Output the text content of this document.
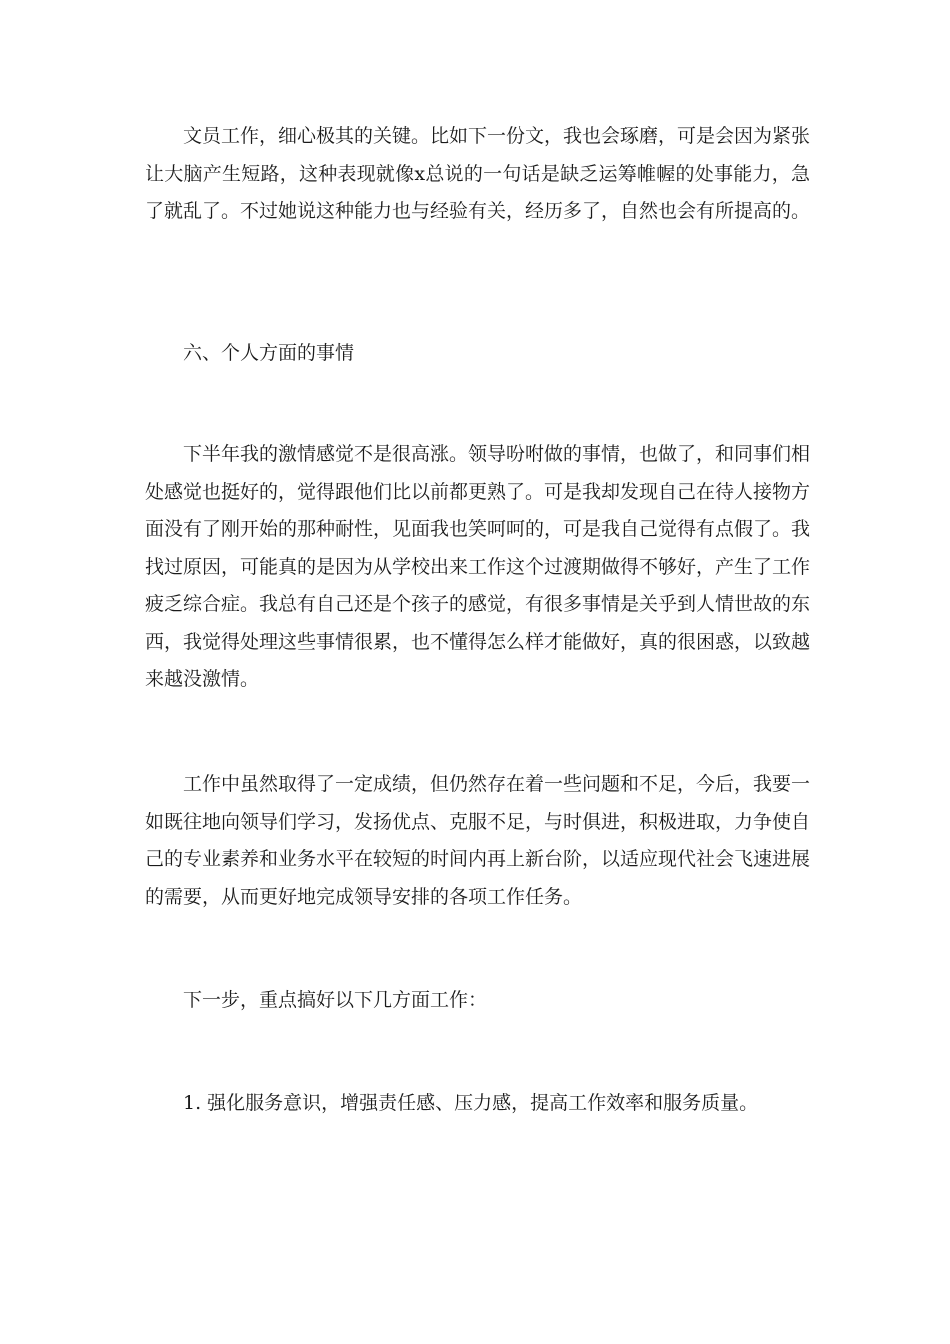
文员工作，细心极其的关键。比如下一份文，我也会琢磨，可是会因为紧张让大脑产生短路，这种表现就像x总说的一句话是缺乏运筹帷幄的处事能力，急了就乱了。不过她说这种能力也与经验有关，经历多了，自然也会有所提高的。

六、个人方面的事情

下半年我的激情感觉不是很高涨。领导吩咐做的事情，也做了，和同事们相处感觉也挺好的，觉得跟他们比以前都更熟了。可是我却发现自己在待人接物方面没有了刚开始的那种耐性，见面我也笑呵呵的，可是我自己觉得有点假了。我找过原因，可能真的是因为从学校出来工作这个过渡期做得不够好，产生了工作疲乏综合症。我总有自己还是个孩子的感觉，有很多事情是关乎到人情世故的东西，我觉得处理这些事情很累，也不懂得怎么样才能做好，真的很困惑，以致越来越没激情。

工作中虽然取得了一定成绩，但仍然存在着一些问题和不足，今后，我要一如既往地向领导们学习，发扬优点、克服不足，与时俱进，积极进取，力争使自己的专业素养和业务水平在较短的时间内再上新台阶，以适应现代社会飞速进展的需要，从而更好地完成领导安排的各项工作任务。

下一步，重点搞好以下几方面工作：

1. 强化服务意识，增强责任感、压力感，提高工作效率和服务质量。
